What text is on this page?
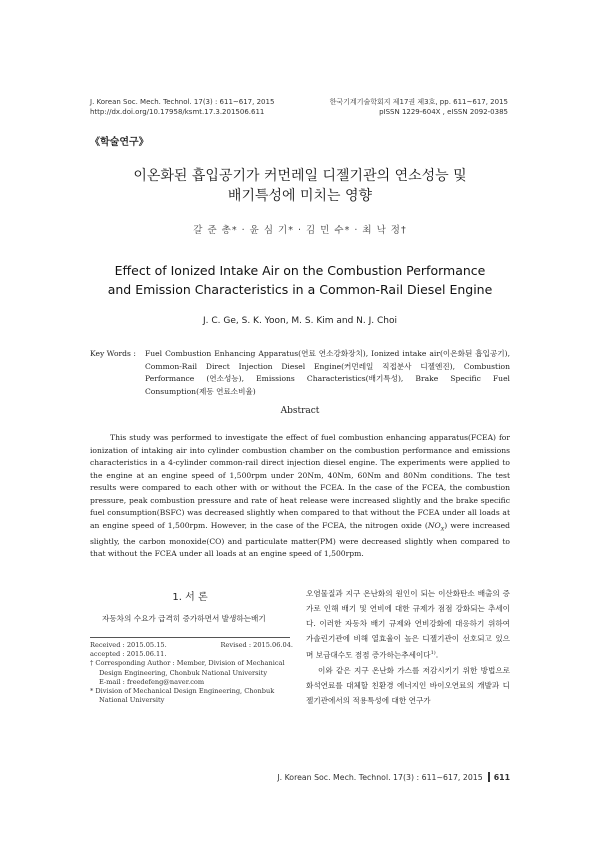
J. Korean Soc. Mech. Technol. 17(3) : 611~617, 2015
http://dx.doi.org/10.17958/ksmt.17.3.201506.611
한국기계기술학회지 제17권 제3호, pp. 611~617, 2015
pISSN 1229-604X , eISSN 2092-0385
《학술연구》
이온화된 흡입공기가 커먼레일 디젤기관의 연소성능 및
배기특성에 미치는 영향
갈 준 총* · 윤 심 기* · 김 민 수* · 최 낙 정†
Effect of Ionized Intake Air on the Combustion Performance
and Emission Characteristics in a Common-Rail Diesel Engine
J. C. Ge, S. K. Yoon, M. S. Kim and N. J. Choi
Key Words : Fuel Combustion Enhancing Apparatus(연료 연소강화장치), Ionized intake air(이온화된 흡입공기), Common-Rail Direct Injection Diesel Engine(커먼레일 직접분사 디젤엔진), Combustion Performance (연소성능), Emissions Characteristics(배기특성), Brake Specific Fuel Consumption(제동 연료소비율)
Abstract
This study was performed to investigate the effect of fuel combustion enhancing apparatus(FCEA) for ionization of intaking air into cylinder combustion chamber on the combustion performance and emissions characteristics in a 4-cylinder common-rail direct injection diesel engine. The experiments were applied to the engine at an engine speed of 1,500rpm under 20Nm, 40Nm, 60Nm and 80Nm conditions. The test results were compared to each other with or without the FCEA. In the case of the FCEA, the combustion pressure, peak combustion pressure and rate of heat release were increased slightly and the brake specific fuel consumption(BSFC) was decreased slightly when compared to that without the FCEA under all loads at an engine speed of 1,500rpm. However, in the case of the FCEA, the nitrogen oxide $(NO_X)$ were increased slightly, the carbon monoxide(CO) and particulate matter(PM) were decreased slightly when compared to that without the FCEA under all loads at an engine speed of 1,500rpm.
1. 서 론
자동차의 수요가 급격히 증가하면서 발생하는배기
Received : 2015.05.15.	Revised : 2015.06.04.
accepted : 2015.06.11.
† Corresponding Author : Member, Division of Mechanical Design Engineering, Chonbuk National University
E-mail : freedefeng@naver.com
* Division of Mechanical Design Engineering, Chonbuk National University

오염물질과 지구 온난화의 원인이 되는 이산화탄소 배출의 증가로 인해 배기 및 연비에 대한 규제가 점점 강화되는 추세이다. 이러한 자동차 배기 규제와 연비강화에 대응하기 위하여 가솔린기관에 비해 열효율이 높은 디젤기관이 선호되고 있으며 보급대수도 점점 증가하는추세이다$^{1)}$.

이와 같은 지구 온난화 가스를 저감시키기 위한 방법으로 화석연료를 대체할 친환경 에너지인 바이오연료의 개발과 디젤기관에서의 적용특성에 대한 연구가

J. Korean Soc. Mech. Technol. 17(3) : 611~617, 2015 611
